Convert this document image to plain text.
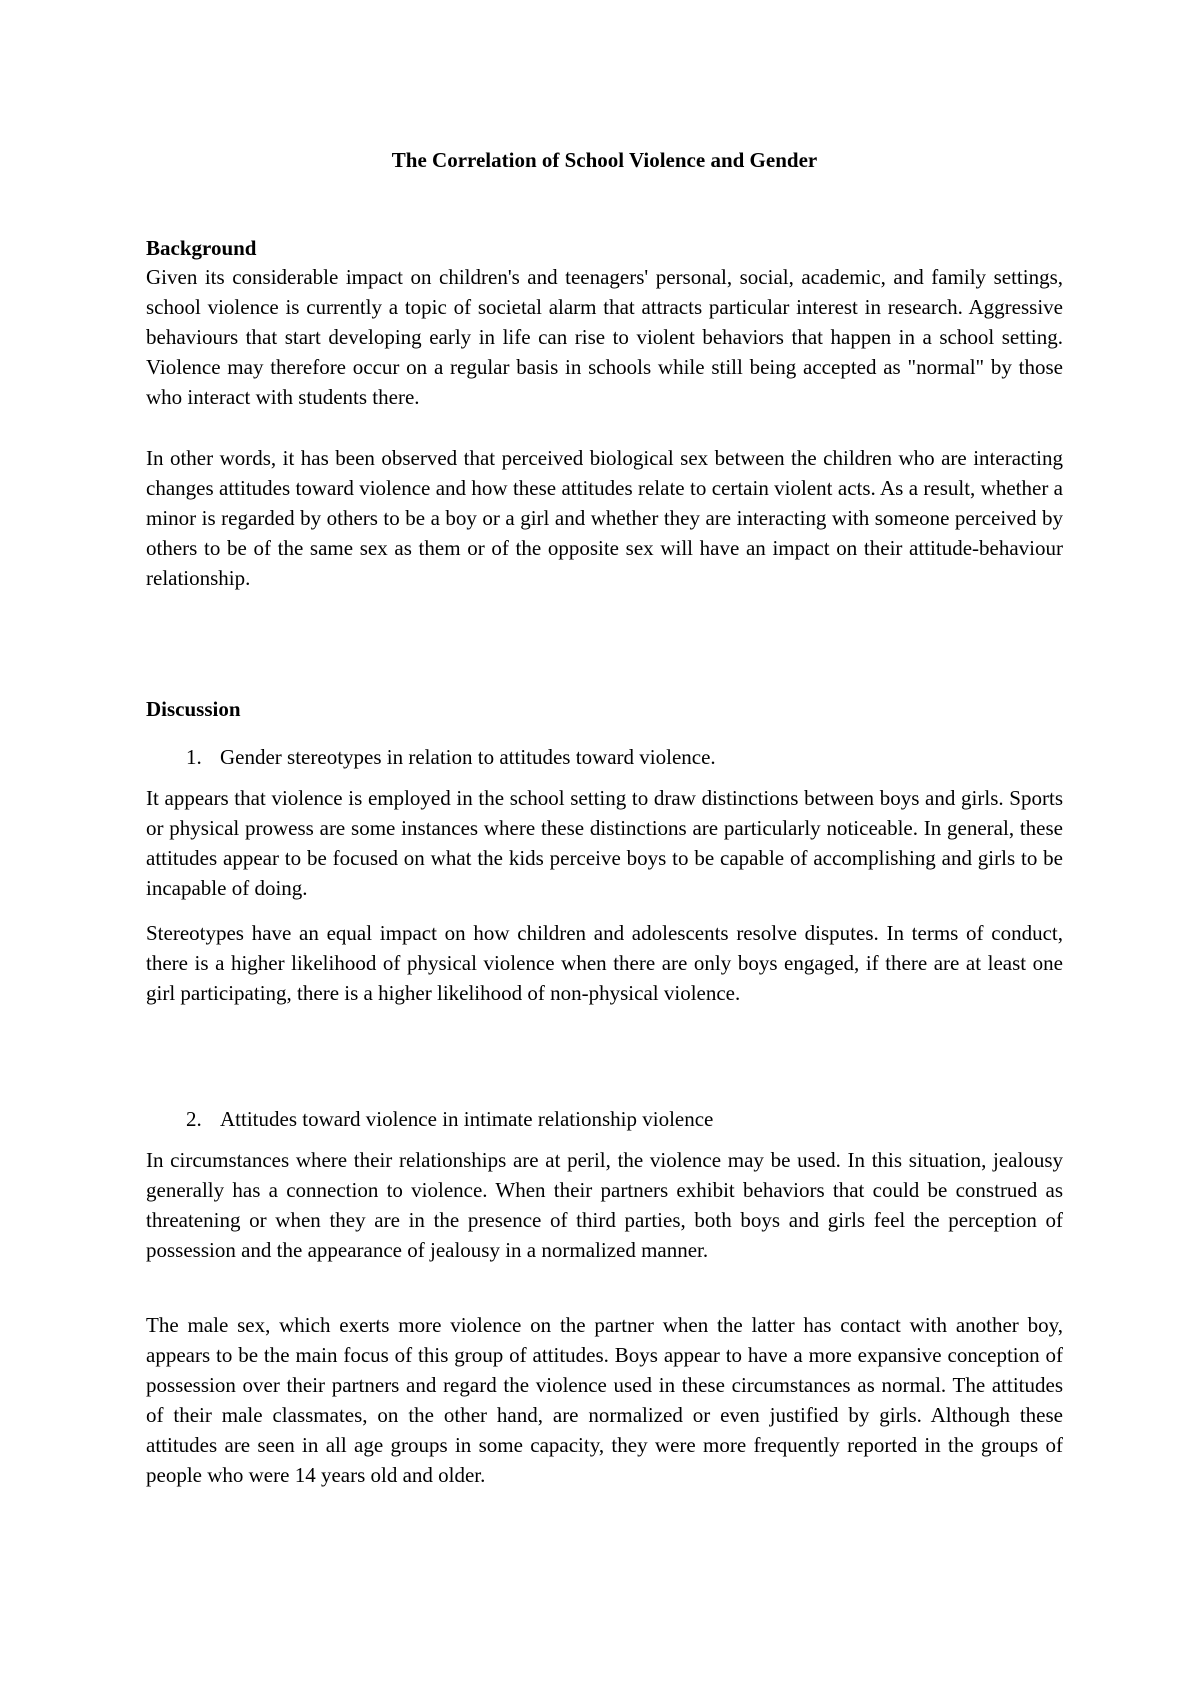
The Correlation of School Violence and Gender
Background

Given its considerable impact on children's and teenagers' personal, social, academic, and family settings, school violence is currently a topic of societal alarm that attracts particular interest in research. Aggressive behaviours that start developing early in life can rise to violent behaviors that happen in a school setting. Violence may therefore occur on a regular basis in schools while still being accepted as "normal" by those who interact with students there.

In other words, it has been observed that perceived biological sex between the children who are interacting changes attitudes toward violence and how these attitudes relate to certain violent acts. As a result, whether a minor is regarded by others to be a boy or a girl and whether they are interacting with someone perceived by others to be of the same sex as them or of the opposite sex will have an impact on their attitude-behaviour relationship.

Discussion
1. Gender stereotypes in relation to attitudes toward violence.

It appears that violence is employed in the school setting to draw distinctions between boys and girls. Sports or physical prowess are some instances where these distinctions are particularly noticeable. In general, these attitudes appear to be focused on what the kids perceive boys to be capable of accomplishing and girls to be incapable of doing.

Stereotypes have an equal impact on how children and adolescents resolve disputes. In terms of conduct, there is a higher likelihood of physical violence when there are only boys engaged, if there are at least one girl participating, there is a higher likelihood of non-physical violence.

2. Attitudes toward violence in intimate relationship violence

In circumstances where their relationships are at peril, the violence may be used. In this situation, jealousy generally has a connection to violence. When their partners exhibit behaviors that could be construed as threatening or when they are in the presence of third parties, both boys and girls feel the perception of possession and the appearance of jealousy in a normalized manner.

The male sex, which exerts more violence on the partner when the latter has contact with another boy, appears to be the main focus of this group of attitudes. Boys appear to have a more expansive conception of possession over their partners and regard the violence used in these circumstances as normal. The attitudes of their male classmates, on the other hand, are normalized or even justified by girls. Although these attitudes are seen in all age groups in some capacity, they were more frequently reported in the groups of people who were 14 years old and older.
